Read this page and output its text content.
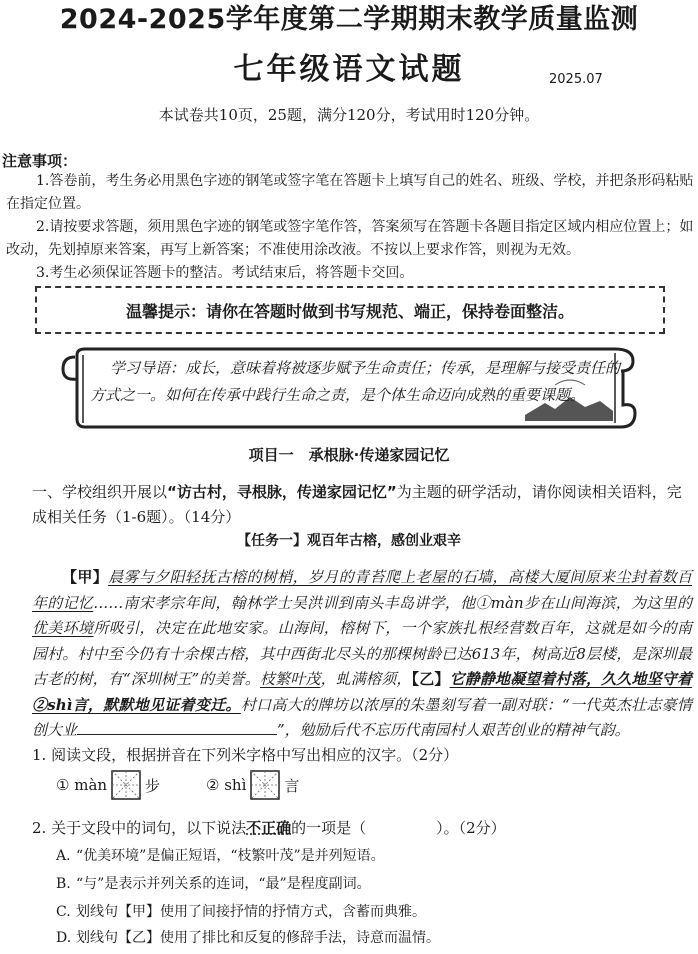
2024-2025学年度第二学期期末教学质量监测
七年级语文试题	2025.07
本试卷共10页，25题，满分120分，考试用时120分钟。
注意事项：
1.答卷前，考生务必用黑色字迹的钢笔或签字笔在答题卡上填写自己的姓名、班级、学校，并把条形码粘贴在指定位置。
2.请按要求答题，须用黑色字迹的钢笔或签字笔作答，答案须写在答题卡各题目指定区域内相应位置上；如改动，先划掉原来答案，再写上新答案；不准使用涂改液。不按以上要求作答，则视为无效。
3.考生必须保证答题卡的整洁。考试结束后，将答题卡交回。
温馨提示：请你在答题时做到书写规范、端正，保持卷面整洁。
学习导语：成长，意味着将被逐步赋予生命责任；传承，是理解与接受责任的方式之一。如何在传承中践行生命之责，是个体生命迈向成熟的重要课题。
项目一　承根脉·传递家园记忆
一、学校组织开展以“访古村，寻根脉，传递家园记忆”为主题的研学活动，请你阅读相关语料，完成相关任务（1-6题）。（14分）
【任务一】观百年古榕，感创业艰辛
【甲】晨雾与夕阳轻抚古榕的树梢，岁月的青苔爬上老屋的石墙，高楼大厦间原来尘封着数百年的记忆……南宋孝宗年间，翰林学士吴洪训到南头丰岛讲学，他①màn步在山间海滨，为这里的优美环境所吸引，决定在此地安家。山海间，榕树下，一个家族扎根经营数百年，这就是如今的南园村。村中至今仍有十余棵古榕，其中西街北尽头的那棵树龄已达613年，树高近8层楼，是深圳最古老的树，有“深圳树王”的美誉。枝繁叶茂，虬满榕须，【乙】它静静地凝望着村落，久久地坚守着②shì言，默默地见证着变迁。村口高大的牌坊以浓厚的朱墨刻写着一副对联：“一代英杰壮志豪情创大业	”，勉励后代不忘历代南园村人艰苦创业的精神气韵。
1. 阅读文段，根据拼音在下列米字格中写出相应的汉字。（2分）
① màn	步	② shì	言
2. 关于文段中的词句，以下说法不正确的一项是（	）。（2分）
A. “优美环境”是偏正短语，“枝繁叶茂”是并列短语。
B. “与”是表示并列关系的连词，“最”是程度副词。
C. 划线句【甲】使用了间接抒情的抒情方式，含蓄而典雅。
D. 划线句【乙】使用了排比和反复的修辞手法，诗意而温情。
